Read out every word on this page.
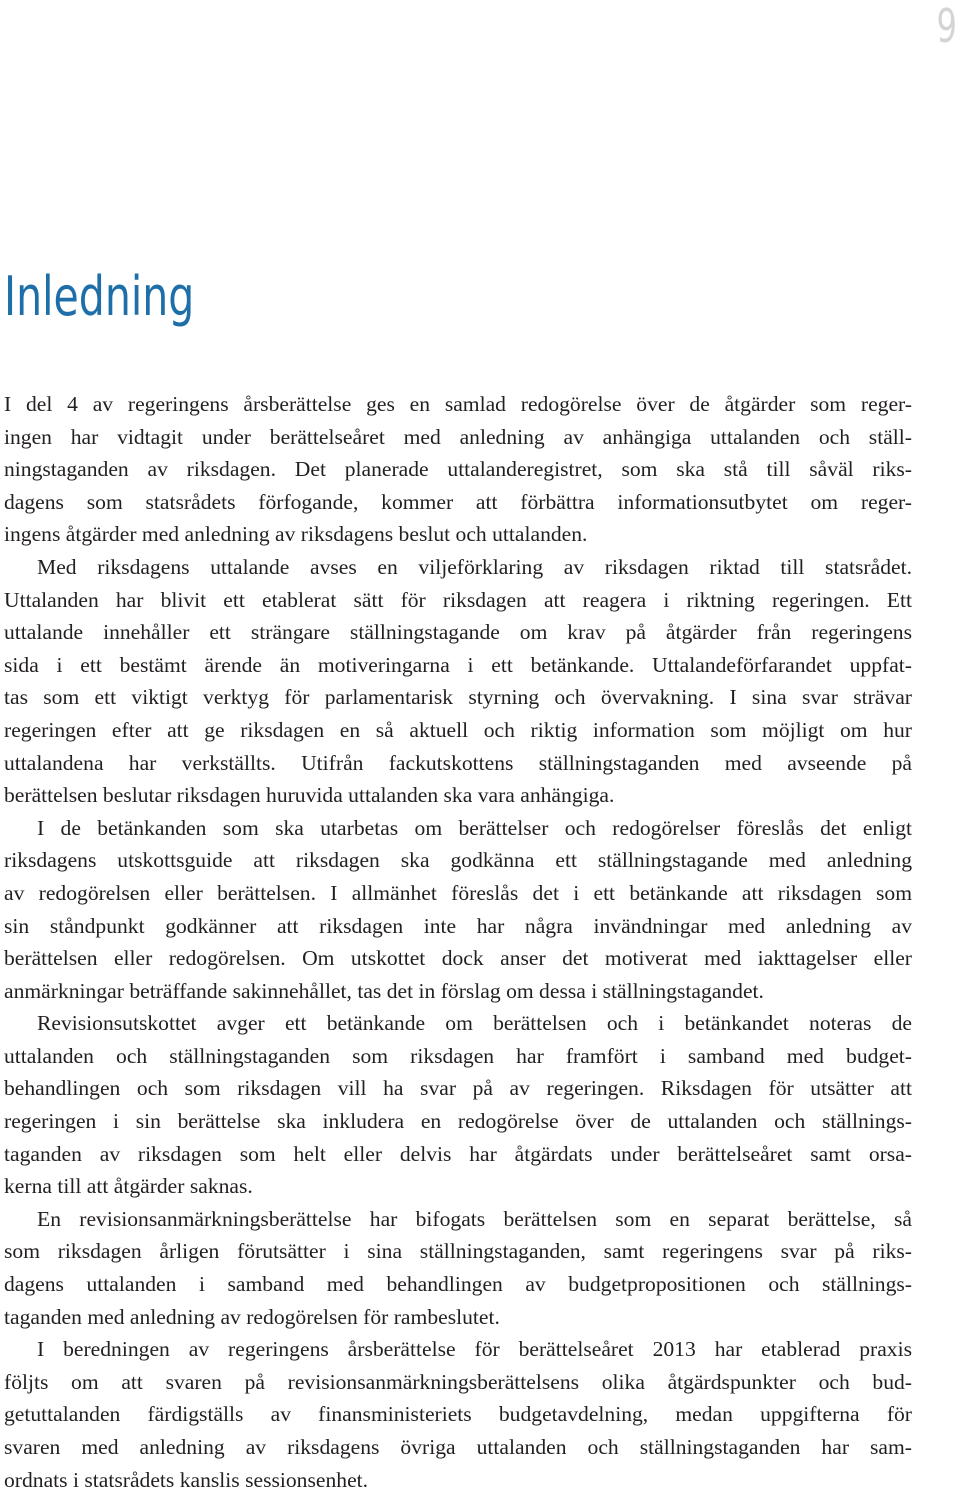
9
Inledning
I del 4 av regeringens årsberättelse ges en samlad redogörelse över de åtgärder som reger-
ingen har vidtagit under berättelseåret med anledning av anhängiga uttalanden och ställ-
ningstaganden av riksdagen. Det planerade uttalanderegistret, som ska stå till såväl riks-
dagens som statsrådets förfogande, kommer att förbättra informationsutbytet om reger-
ingens åtgärder med anledning av riksdagens beslut och uttalanden.
Med riksdagens uttalande avses en viljeförklaring av riksdagen riktad till statsrådet.
Uttalanden har blivit ett etablerat sätt för riksdagen att reagera i riktning regeringen. Ett
uttalande innehåller ett strängare ställningstagande om krav på åtgärder från regeringens
sida i ett bestämt ärende än motiveringarna i ett betänkande. Uttalandeförfarandet uppfat-
tas som ett viktigt verktyg för parlamentarisk styrning och övervakning. I sina svar strävar
regeringen efter att ge riksdagen en så aktuell och riktig information som möjligt om hur
uttalandena har verkställts. Utifrån fackutskottens ställningstaganden med avseende på
berättelsen beslutar riksdagen huruvida uttalanden ska vara anhängiga.
I de betänkanden som ska utarbetas om berättelser och redogörelser föreslås det enligt
riksdagens utskottsguide att riksdagen ska godkänna ett ställningstagande med anledning
av redogörelsen eller berättelsen. I allmänhet föreslås det i ett betänkande att riksdagen som
sin ståndpunkt godkänner att riksdagen inte har några invändningar med anledning av
berättelsen eller redogörelsen. Om utskottet dock anser det motiverat med iakttagelser eller
anmärkningar beträffande sakinnehållet, tas det in förslag om dessa i ställningstagandet.
Revisionsutskottet avger ett betänkande om berättelsen och i betänkandet noteras de
uttalanden och ställningstaganden som riksdagen har framfört i samband med budget-
behandlingen och som riksdagen vill ha svar på av regeringen. Riksdagen för utsätter att
regeringen i sin berättelse ska inkludera en redogörelse över de uttalanden och ställnings-
taganden av riksdagen som helt eller delvis har åtgärdats under berättelseåret samt orsa-
kerna till att åtgärder saknas.
En revisionsanmärkningsberättelse har bifogats berättelsen som en separat berättelse, så
som riksdagen årligen förutsätter i sina ställningstaganden, samt regeringens svar på riks-
dagens uttalanden i samband med behandlingen av budgetpropositionen och ställnings-
taganden med anledning av redogörelsen för rambeslutet.
I beredningen av regeringens årsberättelse för berättelseåret 2013 har etablerad praxis
följts om att svaren på revisionsanmärkningsberättelsens olika åtgärdspunkter och bud-
getuttalanden färdigställs av finansministeriets budgetavdelning, medan uppgifterna för
svaren med anledning av riksdagens övriga uttalanden och ställningstaganden har sam-
ordnats i statsrådets kanslis sessionsenhet.
